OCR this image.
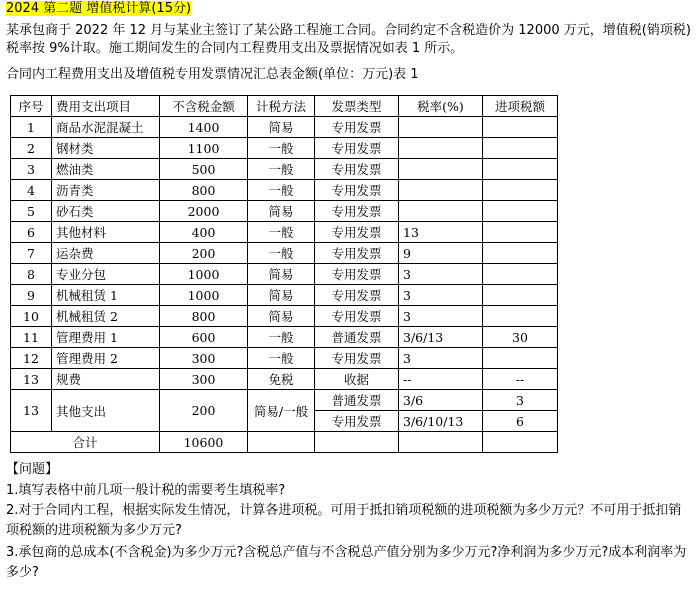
2024 第二题 增值税计算(15分)
某承包商于 2022 年 12 月与某业主签订了某公路工程施工合同。合同约定不含税造价为 12000 万元，增值税(销项税)税率按 9%计取。施工期间发生的合同内工程费用支出及票据情况如表 1 所示。
合同内工程费用支出及增值税专用发票情况汇总表金额(单位：万元)表 1
序号	费用支出项目	不含税金额	计税方法	发票类型	税率(%)	进项税额
1	商品水泥混凝土	1400	简易	专用发票		
2	钢材类	1100	一般	专用发票		
3	燃油类	500	一般	专用发票		
4	沥青类	800	一般	专用发票		
5	砂石类	2000	简易	专用发票		
6	其他材料	400	一般	专用发票	13	
7	运杂费	200	一般	专用发票	9	
8	专业分包	1000	简易	专用发票	3	
9	机械租赁 1	1000	简易	专用发票	3	
10	机械租赁 2	800	简易	专用发票	3	
11	管理费用 1	600	一般	普通发票	3/6/13	30
12	管理费用 2	300	一般	专用发票	3	
13	规费	300	免税	收据	--	--
13	其他支出	200	简易/一般	普通发票	3/6	3
				专用发票	3/6/10/13	6
合计		10600				
【问题】
1.填写表格中前几项一般计税的需要考生填税率?
2.对于合同内工程，根据实际发生情况，计算各进项税。可用于抵扣销项税额的进项税额为多少万元？不可用于抵扣销项税额的进项税额为多少万元?
3.承包商的总成本(不含税金)为多少万元?含税总产值与不含税总产值分别为多少万元?净利润为多少万元?成本利润率为多少?
